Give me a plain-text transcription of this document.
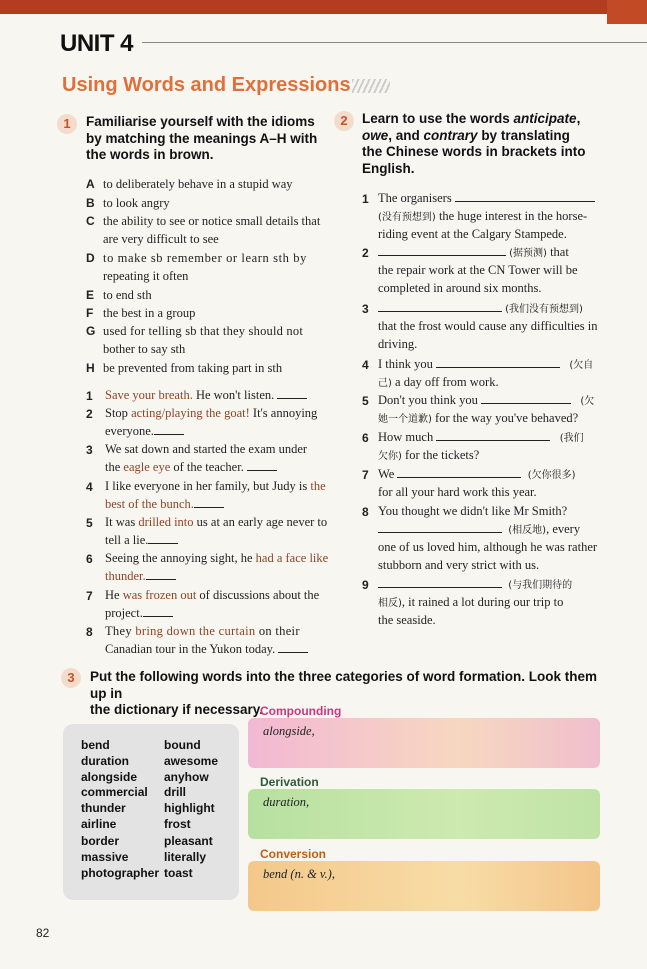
UNIT 4
Using Words and Expressions
1	Familiarise yourself with the idioms
by matching the meanings A–H with
the words in brown.
A to deliberately behave in a stupid way
B to look angry
C the ability to see or notice small details that
are very difficult to see
D to make sb remember or learn sth by
repeating it often
E to end sth
F the best in a group
G used for telling sb that they should not
bother to say sth
H be prevented from taking part in sth
1 Save your breath. He won't listen.
2 Stop acting/playing the goat! It's annoying
everyone.
3 We sat down and started the exam under
the eagle eye of the teacher.
4 I like everyone in her family, but Judy is the
best of the bunch.
5 It was drilled into us at an early age never to
tell a lie.
6 Seeing the annoying sight, he had a face like
thunder.
7 He was frozen out of discussions about the
project.
8 They bring down the curtain on their
Canadian tour in the Yukon today.
2	Learn to use the words anticipate,
owe, and contrary by translating
the Chinese words in brackets into
English.
1 The organisers
(没有预想到) the huge interest in the horse-
riding event at the Calgary Stampede.
2	(据预测) that
the repair work at the CN Tower will be
completed in around six months.
3	(我们没有预想到)
that the frost would cause any difficulties in
driving.
4 I think you	(欠自
己) a day off from work.
5 Don't you think you	(欠
她一个道歉) for the way you've behaved?
6 How much	(我们
欠你) for the tickets?
7 We	(欠你很多)
for all your hard work this year.
8 You thought we didn't like Mr Smith?
(相反地), every
one of us loved him, although he was rather
stubborn and very strict with us.
9	(与我们期待的
相反), it rained a lot during our trip to
the seaside.
3	Put the following words into the three categories of word formation. Look them up in
the dictionary if necessary.
bend
duration
alongside
commercial
thunder
airline
border
massive
photographer
bound
awesome
anyhow
drill
highlight
frost
pleasant
literally
toast
Compounding
alongside,
Derivation
duration,
Conversion
bend (n. & v.),
82
